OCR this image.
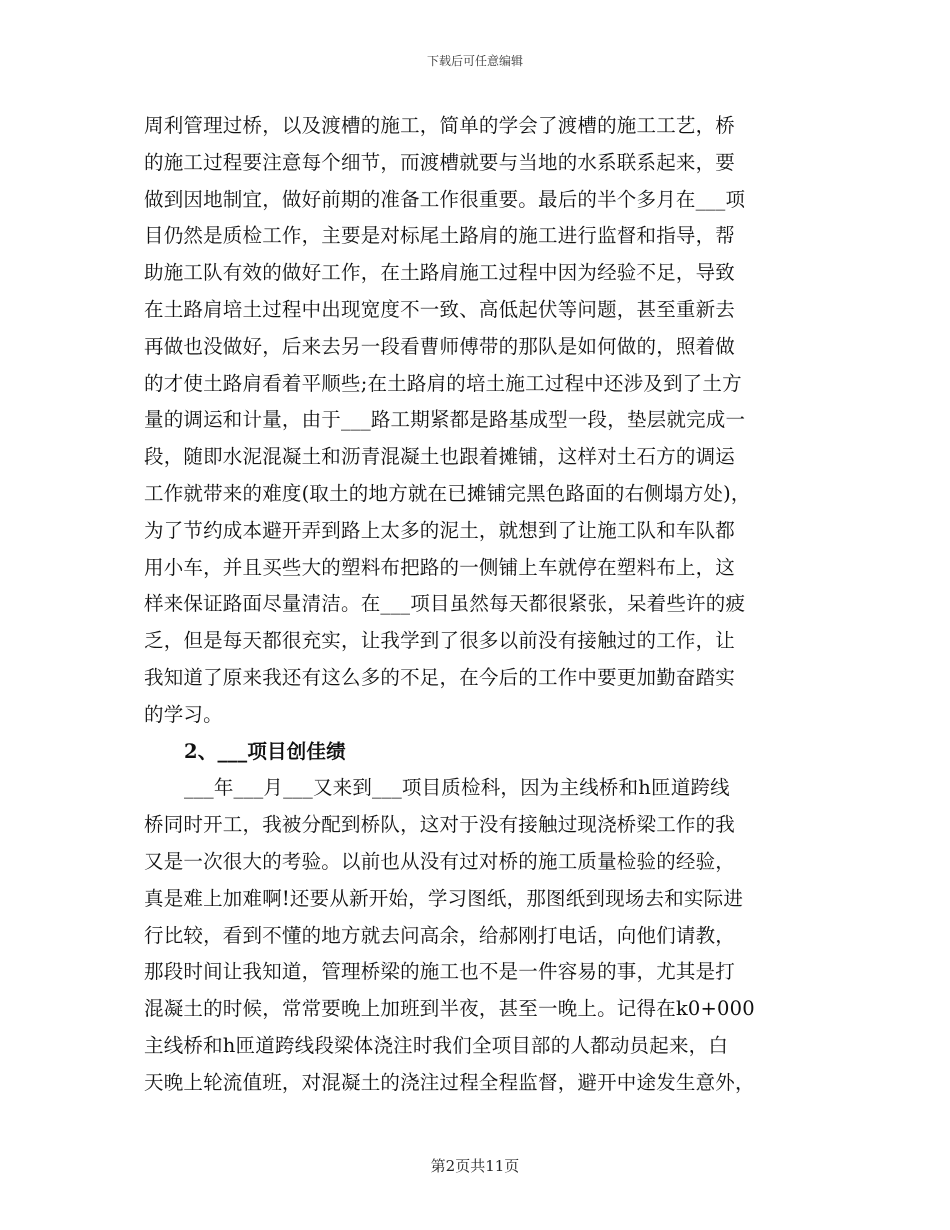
下载后可任意编辑
周利管理过桥，以及渡槽的施工，简单的学会了渡槽的施工工艺，桥
的施工过程要注意每个细节，而渡槽就要与当地的水系联系起来，要
做到因地制宜，做好前期的准备工作很重要。最后的半个多月在___项
目仍然是质检工作，主要是对标尾土路肩的施工进行监督和指导，帮
助施工队有效的做好工作，在土路肩施工过程中因为经验不足，导致
在土路肩培土过程中出现宽度不一致、高低起伏等问题，甚至重新去
再做也没做好，后来去另一段看曹师傅带的那队是如何做的，照着做
的才使土路肩看着平顺些;在土路肩的培土施工过程中还涉及到了土方
量的调运和计量，由于___路工期紧都是路基成型一段，垫层就完成一
段，随即水泥混凝土和沥青混凝土也跟着摊铺，这样对土石方的调运
工作就带来的难度(取土的地方就在已摊铺完黑色路面的右侧塌方处)，
为了节约成本避开弄到路上太多的泥土，就想到了让施工队和车队都
用小车，并且买些大的塑料布把路的一侧铺上车就停在塑料布上，这
样来保证路面尽量清洁。在___项目虽然每天都很紧张，呆着些许的疲
乏，但是每天都很充实，让我学到了很多以前没有接触过的工作，让
我知道了原来我还有这么多的不足，在今后的工作中要更加勤奋踏实
的学习。
2、___项目创佳绩
___年___月___又来到___项目质检科，因为主线桥和h匝道跨线
桥同时开工，我被分配到桥队，这对于没有接触过现浇桥梁工作的我
又是一次很大的考验。以前也从没有过对桥的施工质量检验的经验，
真是难上加难啊!还要从新开始，学习图纸，那图纸到现场去和实际进
行比较，看到不懂的地方就去问高余，给郝刚打电话，向他们请教，
那段时间让我知道，管理桥梁的施工也不是一件容易的事，尤其是打
混凝土的时候，常常要晚上加班到半夜，甚至一晚上。记得在k0+000
主线桥和h匝道跨线段梁体浇注时我们全项目部的人都动员起来，白
天晚上轮流值班，对混凝土的浇注过程全程监督，避开中途发生意外，
第2页共11页
